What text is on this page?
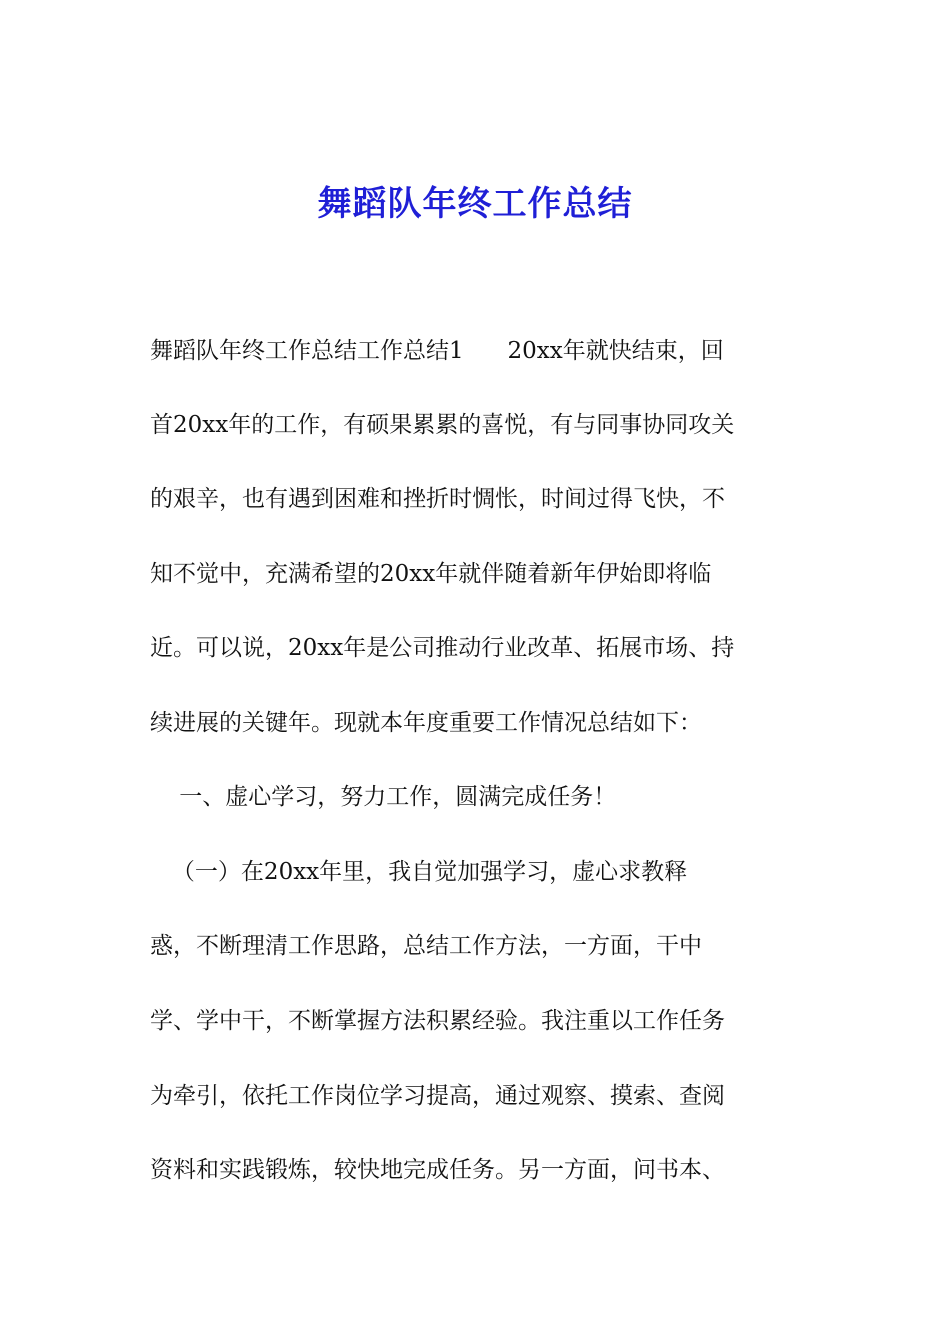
舞蹈队年终工作总结
舞蹈队年终工作总结工作总结1      20xx年就快结束，回
首20xx年的工作，有硕果累累的喜悦，有与同事协同攻关
的艰辛，也有遇到困难和挫折时惆怅，时间过得飞快，不
知不觉中，充满希望的20xx年就伴随着新年伊始即将临
近。可以说，20xx年是公司推动行业改革、拓展市场、持
续进展的关键年。现就本年度重要工作情况总结如下：
一、虚心学习，努力工作，圆满完成任务！
（一）在20xx年里，我自觉加强学习，虚心求教释
惑，不断理清工作思路，总结工作方法，一方面，干中
学、学中干，不断掌握方法积累经验。我注重以工作任务
为牵引，依托工作岗位学习提高，通过观察、摸索、查阅
资料和实践锻炼，较快地完成任务。另一方面，问书本、
